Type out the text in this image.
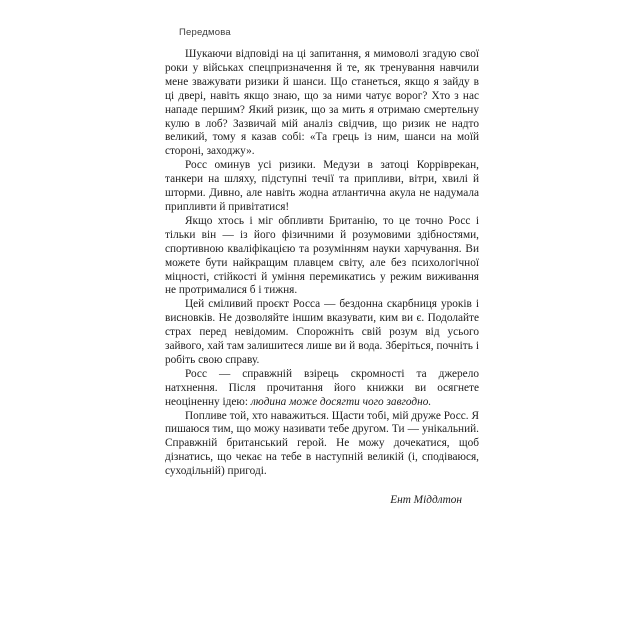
Передмова

Шукаючи відповіді на ці запитання, я мимоволі згадую свої роки у військах спецпризначення й те, як тренування навчили мене зважувати ризики й шанси. Що станеться, якщо я зайду в ці двері, навіть якщо знаю, що за ними чатує ворог? Хто з нас нападе першим? Який ризик, що за мить я отримаю смертельну кулю в лоб? Зазвичай мій аналіз свідчив, що ризик не надто великий, тому я казав собі: «Та грець із ним, шанси на моїй стороні, заходжу».

Росс оминув усі ризики. Медузи в затоці Корріврекан, танкери на шляху, підступні течії та припливи, вітри, хвилі й шторми. Дивно, але навіть жодна атлантична акула не надумала припливти й привітатися!

Якщо хтось і міг обпливти Британію, то це точно Росс і тільки він — із його фізичними й розумовими здібностями, спортивною кваліфікацією та розумінням науки харчування. Ви можете бути найкращим плавцем світу, але без психологічної міцності, стійкості й уміння перемикатись у режим виживання не протрималися б і тижня.

Цей сміливий проєкт Росса — бездонна скарбниця уроків і висновків. Не дозволяйте іншим вказувати, ким ви є. Подолайте страх перед невідомим. Спорожніть свій розум від усього зайвого, хай там залишитеся лише ви й вода. Зберіться, почніть і робіть свою справу.

Росс — справжній взірець скромності та джерело натхнення. Після прочитання його книжки ви осягнете неоціненну ідею: людина може досягти чого завгодно.

Попливе той, хто наважиться. Щасти тобі, мій друже Росс. Я пишаюся тим, що можу називати тебе другом. Ти — унікальний. Справжній британський герой. Не можу дочекатися, щоб дізнатись, що чекає на тебе в наступній великій (і, сподіваюся, суходільній) пригоді.

Ент Міддлтон
